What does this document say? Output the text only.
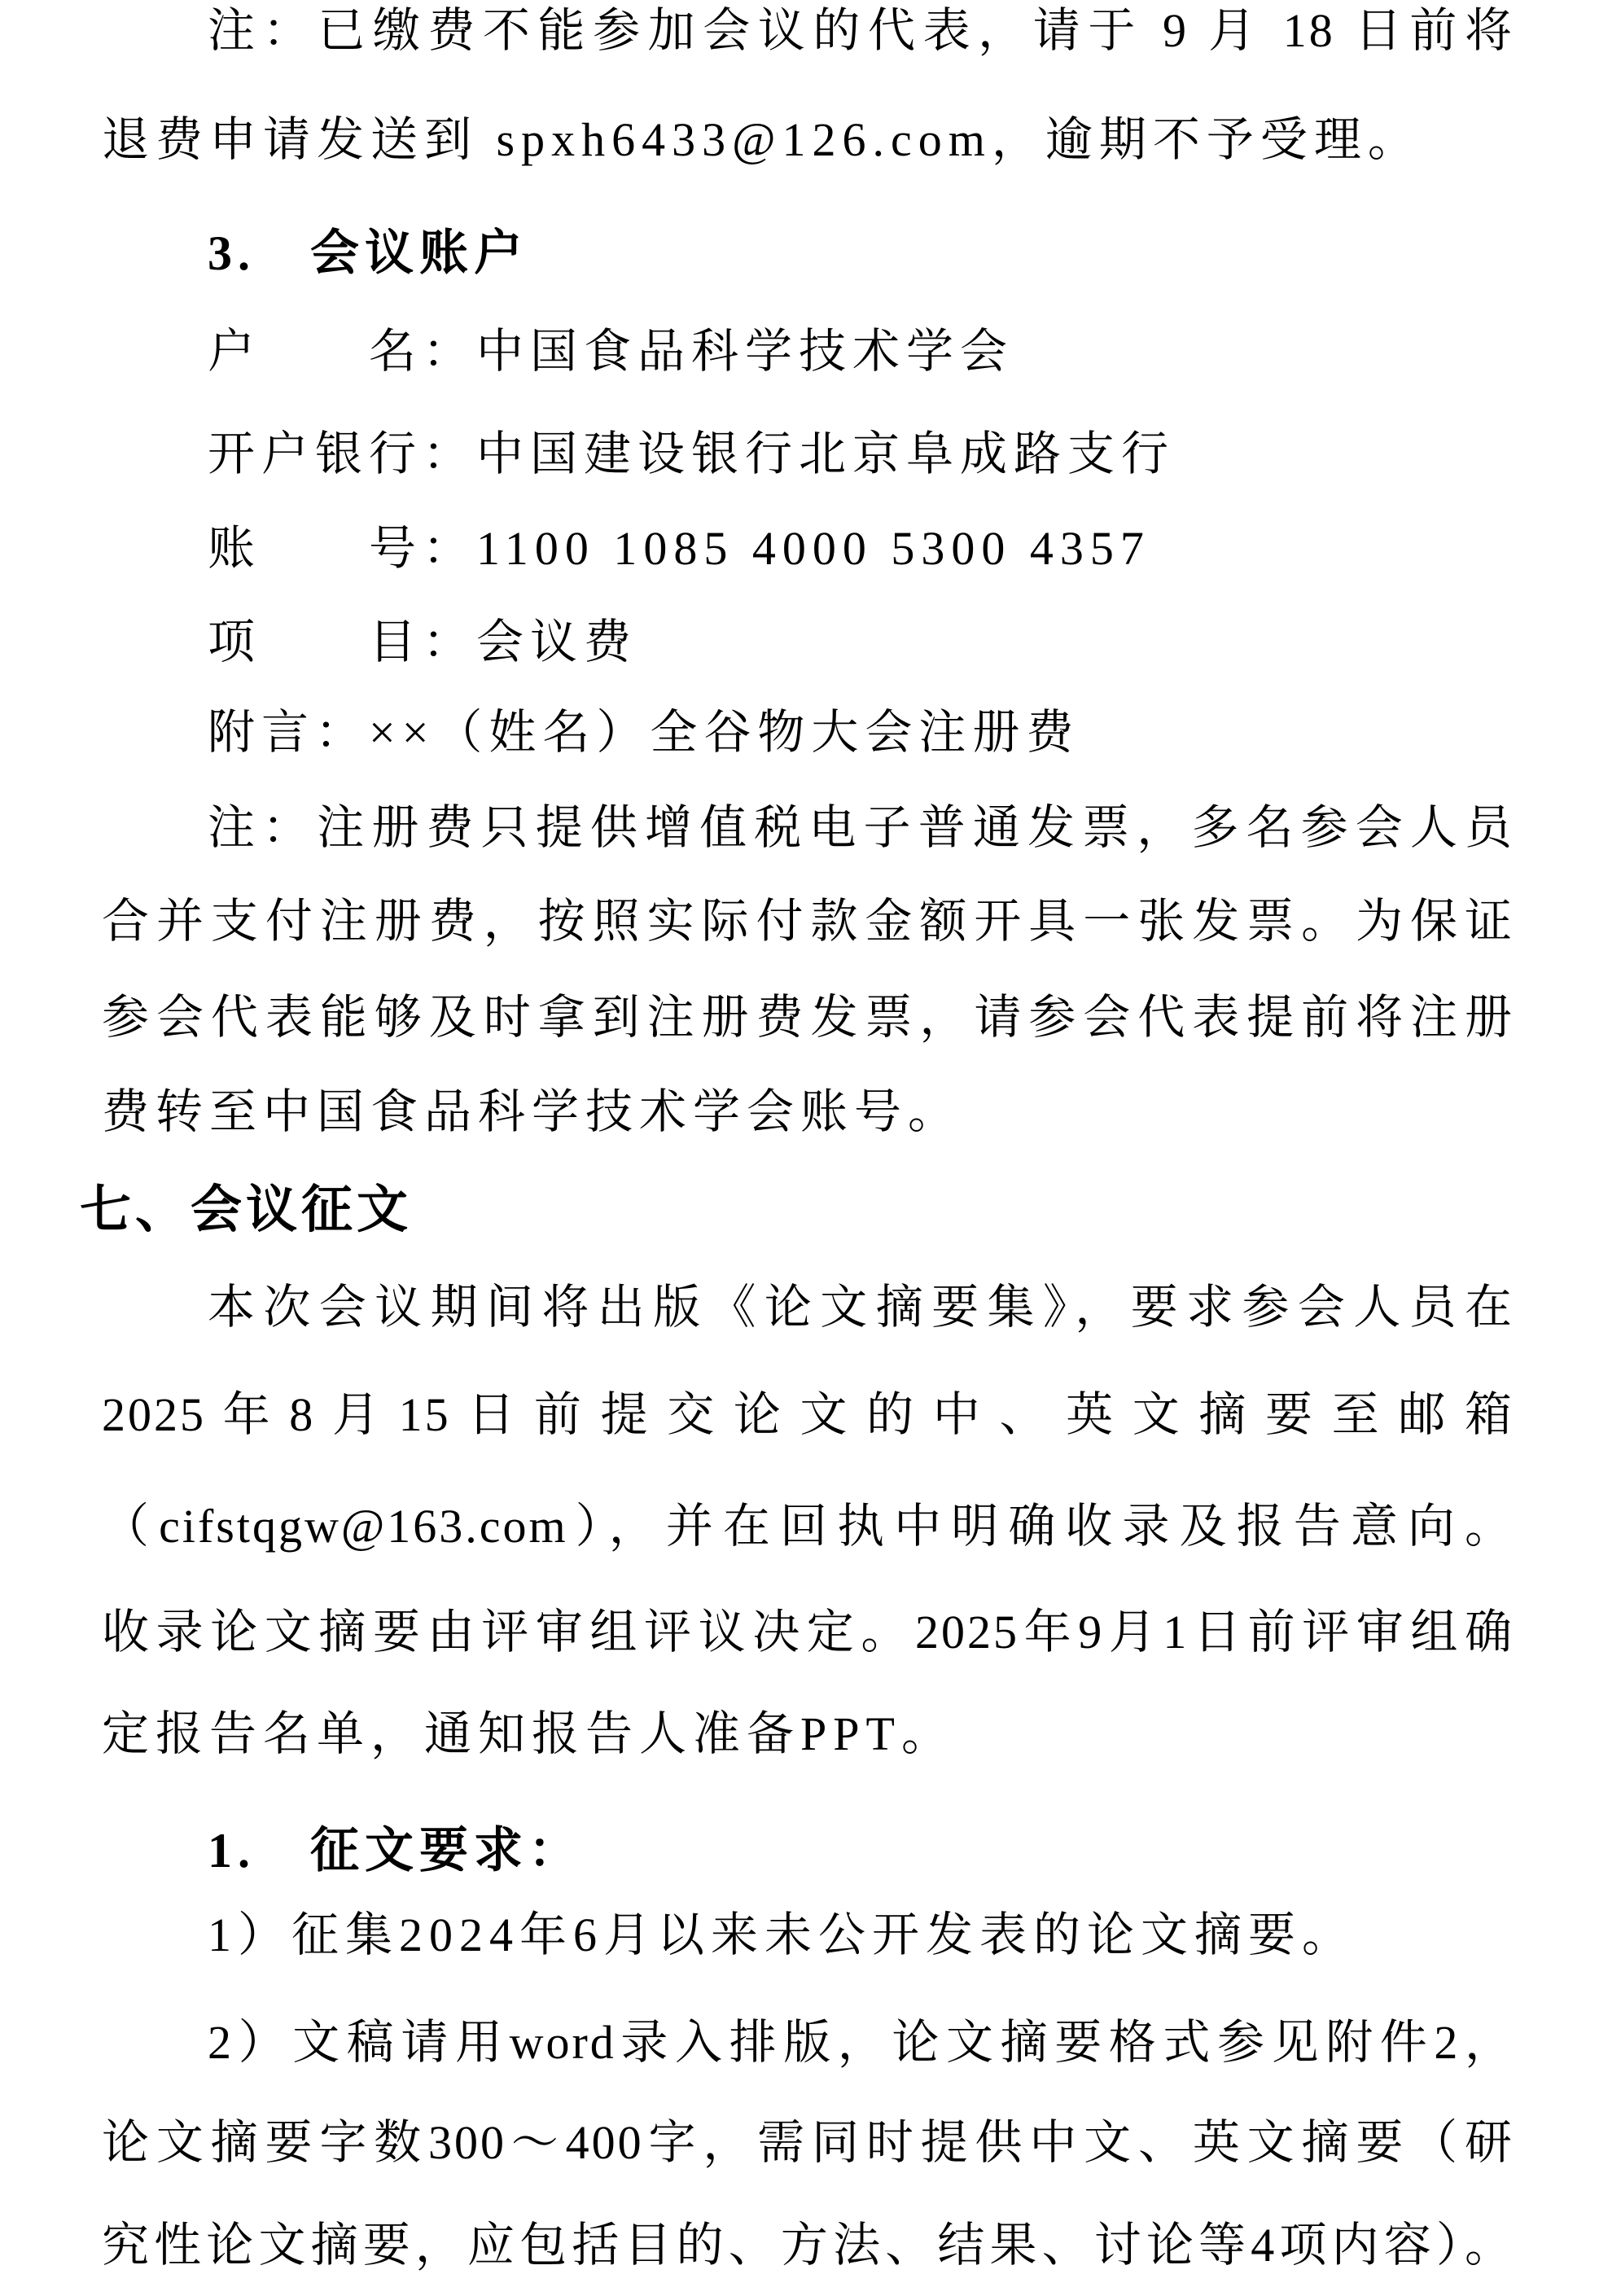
注：已缴费不能参加会议的代表，请于 9 月 18 日前将
退费申请发送到 spxh6433@126.com，逾期不予受理。
3.　会议账户
户　　名：中国食品科学技术学会
开户银行：中国建设银行北京阜成路支行
账　　号：1100 1085 4000 5300 4357
项　　目：会议费
附言：××（姓名）全谷物大会注册费
注：注册费只提供增值税电子普通发票，多名参会人员
合并支付注册费，按照实际付款金额开具一张发票。为保证
参会代表能够及时拿到注册费发票，请参会代表提前将注册
费转至中国食品科学技术学会账号。
七、会议征文
本次会议期间将出版《论文摘要集》，要求参会人员在
2025年8月15日前提交论文的中、英文摘要至邮箱
（cifstqgw@163.com），并在回执中明确收录及报告意向。
收录论文摘要由评审组评议决定。2025年9月1日前评审组确
定报告名单，通知报告人准备PPT。
1.　征文要求：
1）征集2024年6月以来未公开发表的论文摘要。
2）文稿请用word录入排版，论文摘要格式参见附件2，
论文摘要字数300～400字，需同时提供中文、英文摘要（研
究性论文摘要，应包括目的、方法、结果、讨论等4项内容）。
